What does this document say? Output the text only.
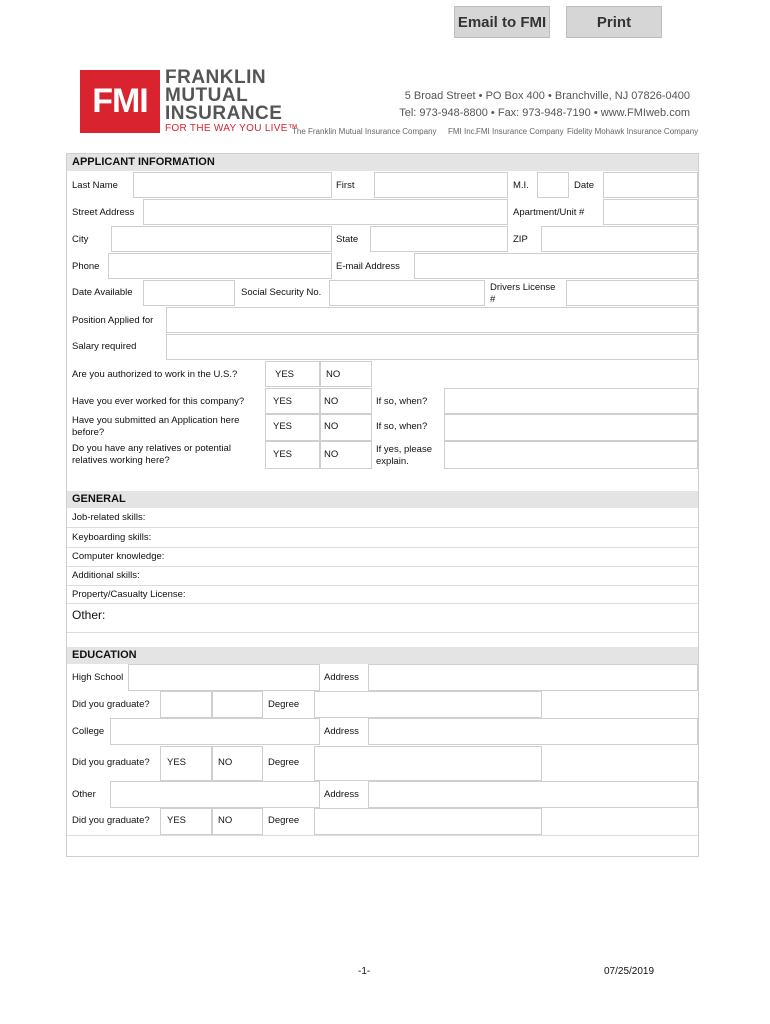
Email to FMI	Print
FMI
FRANKLIN
MUTUAL
INSURANCE
FOR THE WAY YOU LIVE™
5 Broad Street • PO Box 400 • Branchville, NJ 07826-0400
Tel: 973-948-8800 • Fax: 973-948-7190 • www.FMIweb.com
The Franklin Mutual Insurance Company FMI Inc. FMI Insurance Company Fidelity Mohawk Insurance Company
APPLICANT INFORMATION
Last Name	First	M.I.	Date
Street Address	Apartment/Unit #
City	State	ZIP
Phone	E-mail Address
Date Available	Social Security No.	Drivers License #
Position Applied for
Salary required
Are you authorized to work in the U.S.?	YES	NO
Have you ever worked for this company?	YES	NO	If so, when?
Have you submitted an Application here before?
YES	NO	If so, when?
Do you have any relatives or potential relatives working here?
YES	NO	If yes, please explain.
GENERAL
Job-related skills:
Keyboarding skills:
Computer knowledge:
Additional skills:
Property/Casualty License:
Other:
EDUCATION
High School	Address
Did you graduate?	Degree
College	Address
Did you graduate? YES	NO	Degree
Other	Address
Did you graduate? YES	NO	Degree
-1-	07/25/2019
